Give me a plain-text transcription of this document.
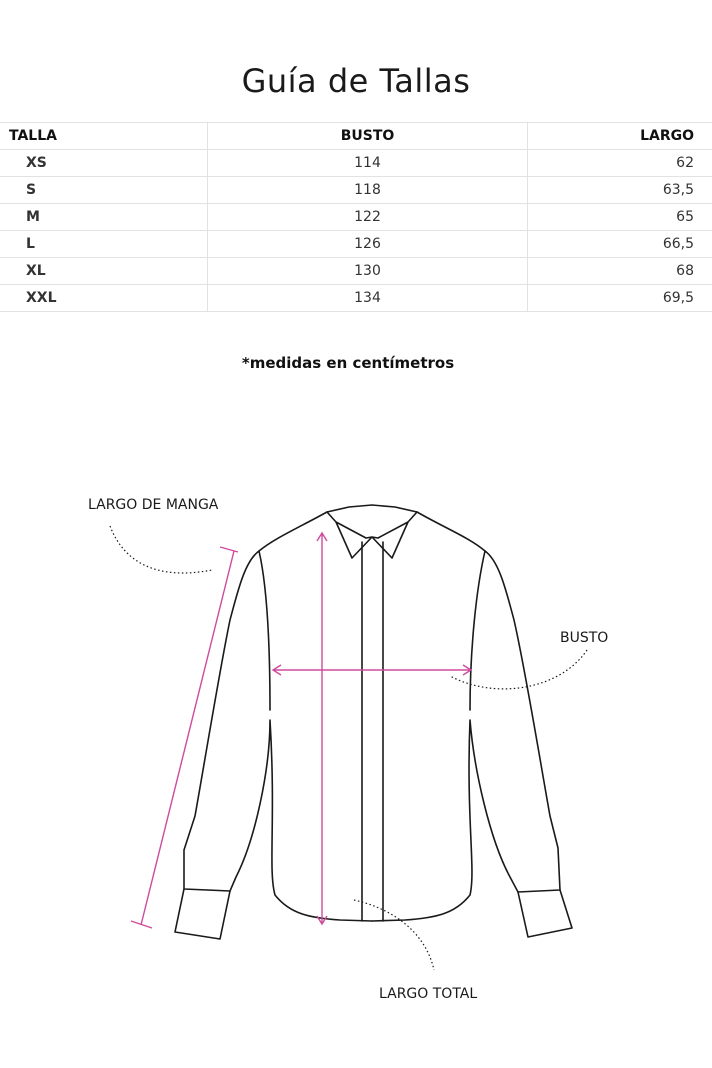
Guía de Tallas
TALLA	BUSTO	LARGO
XS	114	62
S	118	63,5
M	122	65
L	126	66,5
XL	130	68
XXL	134	69,5
*medidas en centímetros
LARGO DE MANGA
BUSTO
LARGO TOTAL
